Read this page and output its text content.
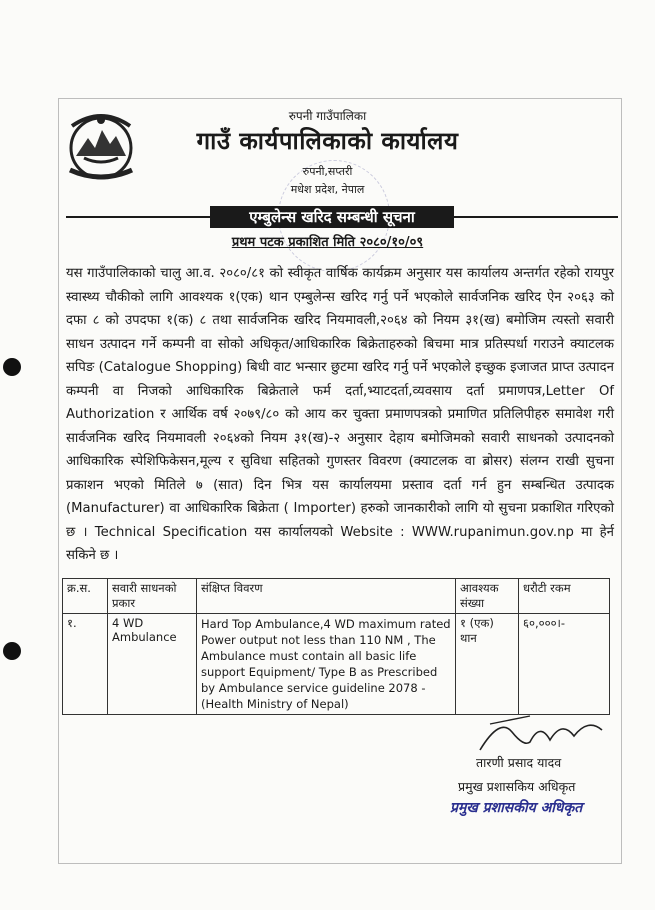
रुपनी गाउँपालिका
गाउँ कार्यपालिकाको कार्यालय
रुपनी,सप्तरी
मधेश प्रदेश, नेपाल
एम्बुलेन्स खरिद सम्बन्धी सूचना
प्रथम पटक प्रकाशित मिति २०८०/१०/०९
यस गाउँपालिकाको चालु आ.व. २०८०/८१ को स्वीकृत वार्षिक कार्यक्रम अनुसार यस कार्यालय अन्तर्गत रहेको रायपुर स्वास्थ्य चौकीको लागि आवश्यक १(एक) थान एम्बुलेन्स खरिद गर्नु पर्ने भएकोले सार्वजनिक खरिद ऐन २०६३ को दफा ८ को उपदफा १(क) ८ तथा सार्वजनिक खरिद नियमावली,२०६४ को नियम ३१(ख) बमोजिम त्यस्तो सवारी साधन उत्पादन गर्ने कम्पनी वा सोको अधिकृत/आधिकारिक बिक्रेताहरुको बिचमा मात्र प्रतिस्पर्धा गराउने क्याटलक सपिङ (Catalogue Shopping) बिधी वाट भन्सार छुटमा खरिद गर्नु पर्ने भएकोले इच्छुक इजाजत प्राप्त उत्पादन कम्पनी वा निजको आधिकारिक बिक्रेताले फर्म दर्ता,भ्याटदर्ता,व्यवसाय दर्ता प्रमाणपत्र,Letter Of Authorization र आर्थिक वर्ष २०७९/८० को आय कर चुक्ता प्रमाणपत्रको प्रमाणित प्रतिलिपीहरु समावेश गरी सार्वजनिक खरिद नियमावली २०६४को नियम ३१(ख)-२ अनुसार देहाय बमोजिमको सवारी साधनको उत्पादनको आधिकारिक स्पेशिफिकेसन,मूल्य र सुविधा सहितको गुणस्तर विवरण (क्याटलक वा ब्रोसर) संलग्न राखी सुचना प्रकाशन भएको मितिले ७ (सात) दिन भित्र यस कार्यालयमा प्रस्ताव दर्ता गर्न हुन सम्बन्धित उत्पादक (Manufacturer) वा आधिकारिक बिक्रेता ( Importer) हरुको जानकारीको लागि यो सुचना प्रकाशित गरिएको छ । Technical Specification यस कार्यालयको Website : WWW.rupanimun.gov.np मा हेर्न सकिने छ ।
क्र.स.	सवारी साधनको प्रकार	संक्षिप्त विवरण	आवश्यक संख्या	धरौटी रकम
१.	4 WD Ambulance	Hard Top Ambulance,4 WD maximum rated Power output not less than 110 NM , The Ambulance must contain all basic life support Equipment/ Type B as Prescribed by Ambulance service guideline 2078 - (Health Ministry of Nepal)	१ (एक) थान	६०,०००।-
तारणी प्रसाद यादव
प्रमुख प्रशासकिय अधिकृत
प्रमुख प्रशासकीय अधिकृत
